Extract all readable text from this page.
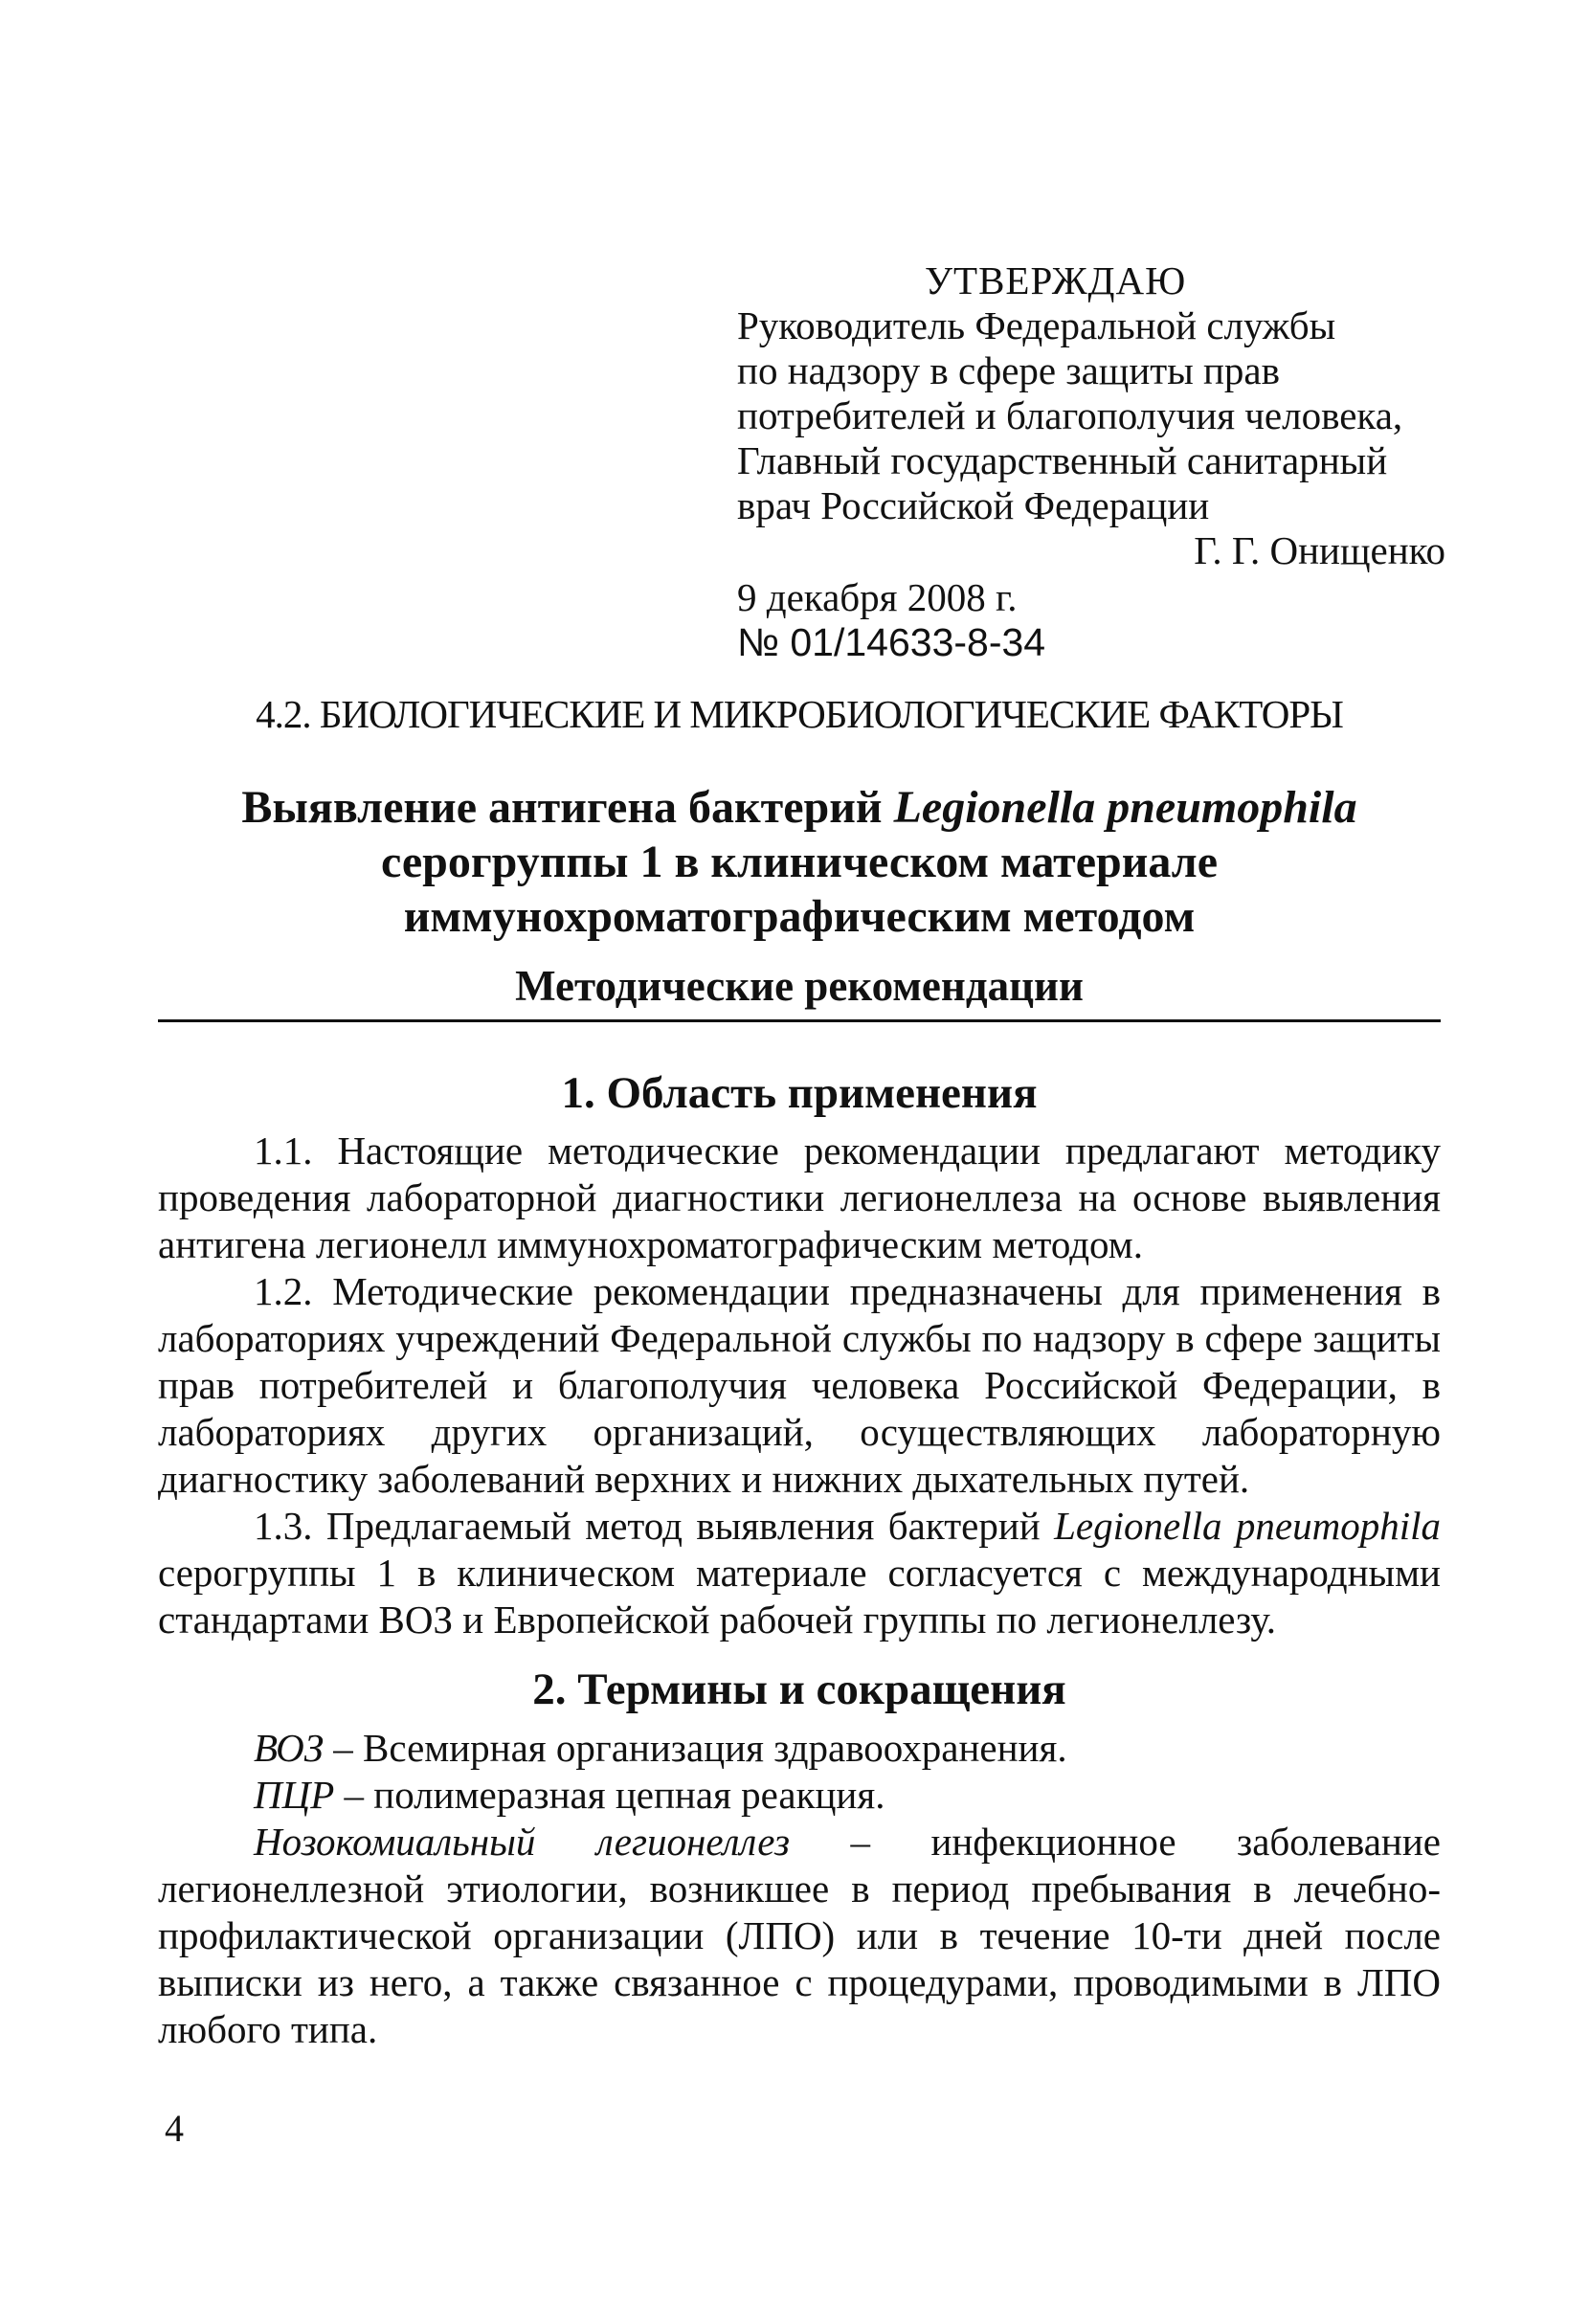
УТВЕРЖДАЮ
Руководитель Федеральной службы
по надзору в сфере защиты прав
потребителей и благополучия человека,
Главный государственный санитарный
врач Российской Федерации
Г. Г. Онищенко
9 декабря 2008 г.
№ 01/14633-8-34
4.2. БИОЛОГИЧЕСКИЕ И МИКРОБИОЛОГИЧЕСКИЕ ФАКТОРЫ
Выявление антигена бактерий Legionella pneumophila
серогруппы 1 в клиническом материале
иммунохроматографическим методом
Методические рекомендации
1. Область применения

1.1. Настоящие методические рекомендации предлагают методику проведения лабораторной диагностики легионеллеза на основе выявления антигена легионелл иммунохроматографическим методом.

1.2. Методические рекомендации предназначены для применения в лабораториях учреждений Федеральной службы по надзору в сфере защиты прав потребителей и благополучия человека Российской Федерации, в лабораториях других организаций, осуществляющих лабораторную диагностику заболеваний верхних и нижних дыхательных путей.

1.3. Предлагаемый метод выявления бактерий Legionella pneumophila серогруппы 1 в клиническом материале согласуется с международными стандартами ВОЗ и Европейской рабочей группы по легионеллезу.

2. Термины и сокращения

ВОЗ – Всемирная организация здравоохранения.

ПЦР – полимеразная цепная реакция.

Нозокомиальный легионеллез – инфекционное заболевание легионеллезной этиологии, возникшее в период пребывания в лечебно-профилактической организации (ЛПО) или в течение 10-ти дней после выписки из него, а также связанное с процедурами, проводимыми в ЛПО любого типа.

4
